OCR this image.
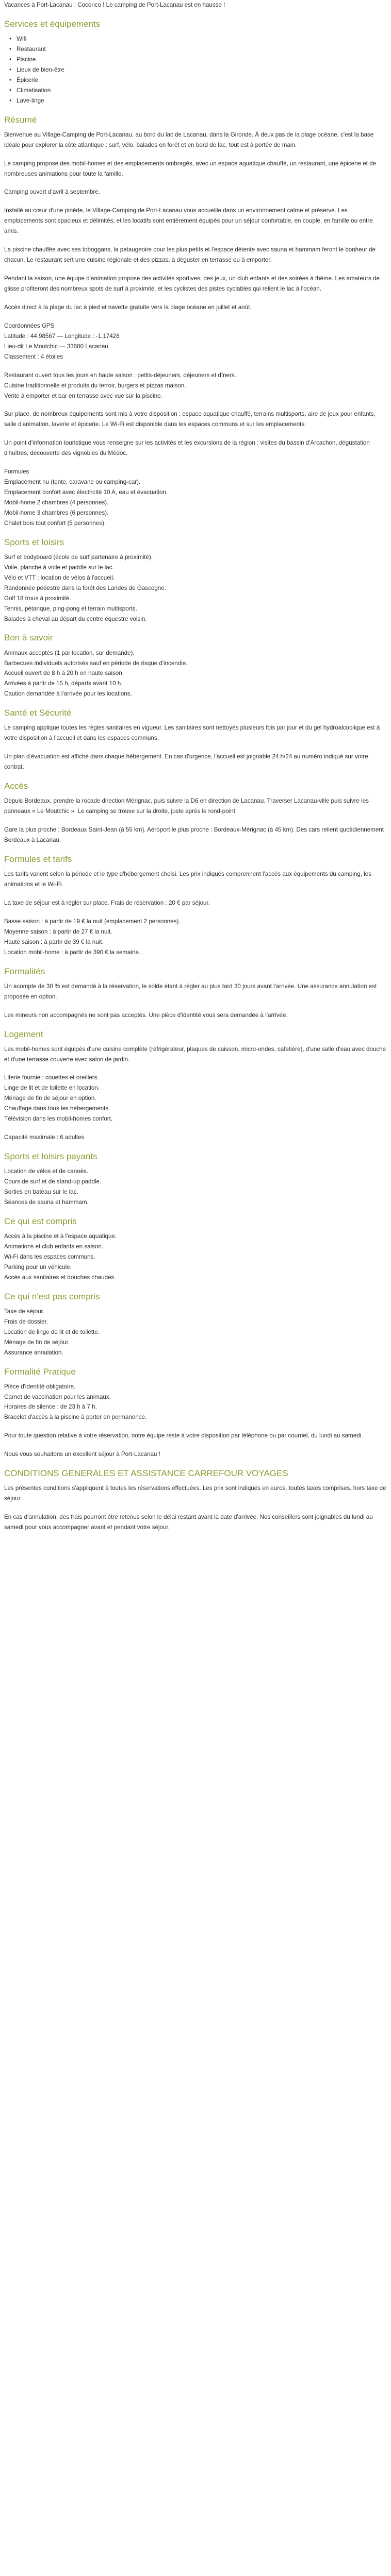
Vacances à Port-Lacanau : Cocorico ! Le camping de Port-Lacanau est en hausse !

Services et équipements
• Wifi
• Restaurant
• Piscine
• Lieux de bien-être
• Épicerie
• Climatisation
• Lave-linge
Résumé

Bienvenue au Village-Camping de Port-Lacanau, au bord du lac de Lacanau, dans la Gironde. À deux pas de la plage océane, c'est la base idéale pour explorer la côte atlantique : surf, vélo, balades en forêt et en bord de lac, tout est à portée de main.

Le camping propose des mobil-homes et des emplacements ombragés, avec un espace aquatique chauffé, un restaurant, une épicerie et de nombreuses animations pour toute la famille.

Camping ouvert d'avril à septembre.

Installé au cœur d'une pinède, le Village-Camping de Port-Lacanau vous accueille dans un environnement calme et préservé. Les emplacements sont spacieux et délimités, et les locatifs sont entièrement équipés pour un séjour confortable, en couple, en famille ou entre amis.

La piscine chauffée avec ses toboggans, la pataugeoire pour les plus petits et l'espace détente avec sauna et hammam feront le bonheur de chacun. Le restaurant sert une cuisine régionale et des pizzas, à déguster en terrasse ou à emporter.

Pendant la saison, une équipe d'animation propose des activités sportives, des jeux, un club enfants et des soirées à thème. Les amateurs de glisse profiteront des nombreux spots de surf à proximité, et les cyclistes des pistes cyclables qui relient le lac à l'océan.

Accès direct à la plage du lac à pied et navette gratuite vers la plage océane en juillet et août.

Coordonnées GPS
Latitude : 44.98567 — Longitude : -1.17428
Lieu-dit Le Moutchic — 33680 Lacanau
Classement : 4 étoiles

Restaurant ouvert tous les jours en haute saison : petits-déjeuners, déjeuners et dîners.
Cuisine traditionnelle et produits du terroir, burgers et pizzas maison.
Vente à emporter et bar en terrasse avec vue sur la piscine.

Sur place, de nombreux équipements sont mis à votre disposition : espace aquatique chauffé, terrains multisports, aire de jeux pour enfants, salle d'animation, laverie et épicerie. Le Wi-Fi est disponible dans les espaces communs et sur les emplacements.

Un point d'information touristique vous renseigne sur les activités et les excursions de la région : visites du bassin d'Arcachon, dégustation d'huîtres, découverte des vignobles du Médoc.

Formules
Emplacement nu (tente, caravane ou camping-car).
Emplacement confort avec électricité 10 A, eau et évacuation.
Mobil-home 2 chambres (4 personnes).
Mobil-home 3 chambres (6 personnes).
Chalet bois tout confort (5 personnes).

Sports et loisirs

Surf et bodyboard (école de surf partenaire à proximité).
Voile, planche à voile et paddle sur le lac.
Vélo et VTT : location de vélos à l'accueil.
Randonnée pédestre dans la forêt des Landes de Gascogne.
Golf 18 trous à proximité.
Tennis, pétanque, ping-pong et terrain multisports.
Balades à cheval au départ du centre équestre voisin.

Bon à savoir

Animaux acceptés (1 par location, sur demande).
Barbecues individuels autorisés sauf en période de risque d'incendie.
Accueil ouvert de 8 h à 20 h en haute saison.
Arrivées à partir de 15 h, départs avant 10 h.
Caution demandée à l'arrivée pour les locations.

Santé et Sécurité

Le camping applique toutes les règles sanitaires en vigueur. Les sanitaires sont nettoyés plusieurs fois par jour et du gel hydroalcoolique est à votre disposition à l'accueil et dans les espaces communs.

Un plan d'évacuation est affiché dans chaque hébergement. En cas d'urgence, l'accueil est joignable 24 h/24 au numéro indiqué sur votre contrat.

Accès

Depuis Bordeaux, prendre la rocade direction Mérignac, puis suivre la D6 en direction de Lacanau. Traverser Lacanau-ville puis suivre les panneaux « Le Moutchic ». Le camping se trouve sur la droite, juste après le rond-point.

Gare la plus proche : Bordeaux Saint-Jean (à 55 km). Aéroport le plus proche : Bordeaux-Mérignac (à 45 km). Des cars relient quotidiennement Bordeaux à Lacanau.

Formules et tarifs

Les tarifs varient selon la période et le type d'hébergement choisi. Les prix indiqués comprennent l'accès aux équipements du camping, les animations et le Wi-Fi.

La taxe de séjour est à régler sur place. Frais de réservation : 20 € par séjour.

Basse saison : à partir de 19 € la nuit (emplacement 2 personnes).
Moyenne saison : à partir de 27 € la nuit.
Haute saison : à partir de 39 € la nuit.
Location mobil-home : à partir de 390 € la semaine.

Formalités

Un acompte de 30 % est demandé à la réservation, le solde étant à régler au plus tard 30 jours avant l'arrivée. Une assurance annulation est proposée en option.

Les mineurs non accompagnés ne sont pas acceptés. Une pièce d'identité vous sera demandée à l'arrivée.

Logement

Les mobil-homes sont équipés d'une cuisine complète (réfrigérateur, plaques de cuisson, micro-ondes, cafetière), d'une salle d'eau avec douche et d'une terrasse couverte avec salon de jardin.

Literie fournie : couettes et oreillers.
Linge de lit et de toilette en location.
Ménage de fin de séjour en option.
Chauffage dans tous les hébergements.
Télévision dans les mobil-homes confort.

Capacité maximale : 6 adultes

Sports et loisirs payants

Location de vélos et de canoës.
Cours de surf et de stand-up paddle.
Sorties en bateau sur le lac.
Séances de sauna et hammam.

Ce qui est compris

Accès à la piscine et à l'espace aquatique.
Animations et club enfants en saison.
Wi-Fi dans les espaces communs.
Parking pour un véhicule.
Accès aux sanitaires et douches chaudes.

Ce qui n'est pas compris

Taxe de séjour.
Frais de dossier.
Location de linge de lit et de toilette.
Ménage de fin de séjour.
Assurance annulation.

Formalité Pratique

Pièce d'identité obligatoire.
Carnet de vaccination pour les animaux.
Horaires de silence : de 23 h à 7 h.
Bracelet d'accès à la piscine à porter en permanence.

Pour toute question relative à votre réservation, notre équipe reste à votre disposition par téléphone ou par courriel, du lundi au samedi.

Nous vous souhaitons un excellent séjour à Port-Lacanau !

CONDITIONS GENERALES ET ASSISTANCE CARREFOUR VOYAGES

Les présentes conditions s'appliquent à toutes les réservations effectuées. Les prix sont indiqués en euros, toutes taxes comprises, hors taxe de séjour.

En cas d'annulation, des frais pourront être retenus selon le délai restant avant la date d'arrivée. Nos conseillers sont joignables du lundi au samedi pour vous accompagner avant et pendant votre séjour.
